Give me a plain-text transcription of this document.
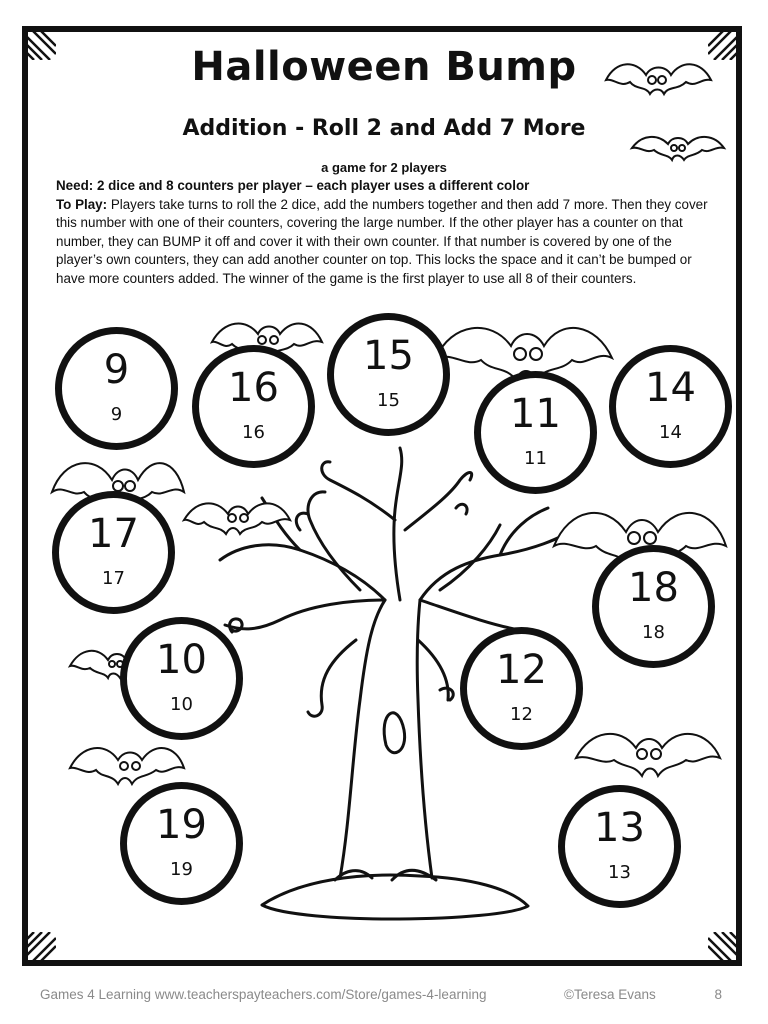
Halloween Bump
Addition - Roll 2 and Add 7 More
a game for 2 players
Need: 2 dice and 8 counters per player – each player uses a different color
To Play: Players take turns to roll the 2 dice, add the numbers together and then add 7 more. Then they cover this number with one of their counters, covering the large number. If the other player has a counter on that number, they can BUMP it off and cover it with their own counter. If that number is covered by one of the player’s own counters, they can add another counter on top. This locks the space and it can’t be bumped or have more counters added. The winner of the game is the first player to use all 8 of their counters.
9
9
16
16
15
15	11
11
14
14
17
17	18
18
10
10
12
12
19
19
13
13
Games 4 Learning www.teacherspayteachers.com/Store/games-4-learning	©Teresa Evans	8
